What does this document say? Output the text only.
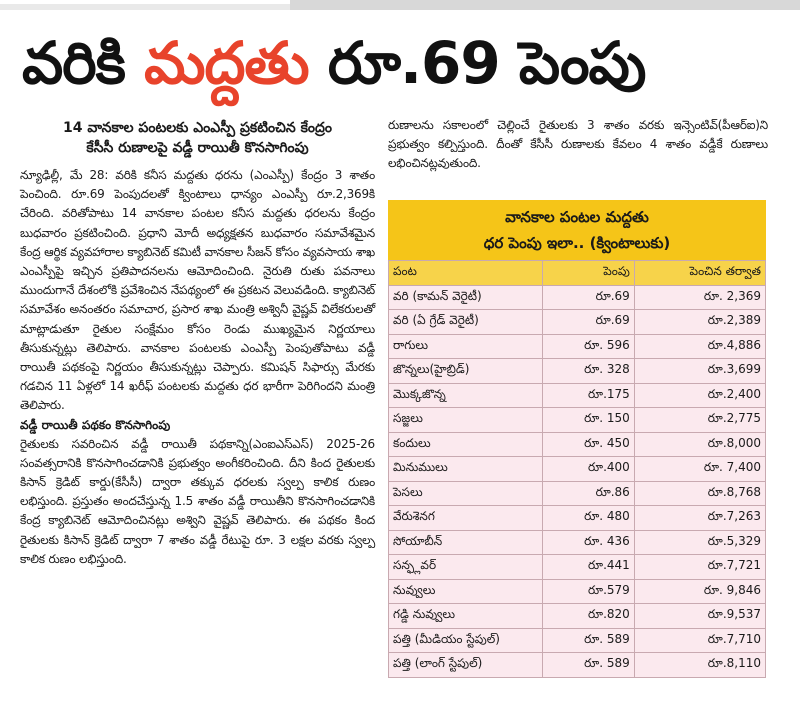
వరికి మద్దతు రూ.69 పెంపు
14 వానకాల పంటలకు ఎంఎస్పీ ప్రకటించిన కేంద్రం
కేసీసీ రుణాలపై వడ్డీ రాయితీ కొనసాగింపు
న్యూఢిల్లీ, మే 28: వరికి కనీస మద్దతు ధరను (ఎంఎస్పీ) కేంద్రం 3 శాతం పెంచింది. రూ.69 పెంపుదలతో క్వింటాలు ధాన్యం ఎంఎస్పీ రూ.2,369కి చేరింది. వరితోపాటు 14 వానకాల పంటల కనీస మద్దతు ధరలను కేంద్రం బుధవారం ప్రకటించింది. ప్రధాని మోదీ అధ్యక్షతన బుధవారం సమావేశమైన కేంద్ర ఆర్థిక వ్యవహారాల క్యాబినెట్ కమిటీ వానకాల సీజన్ కోసం వ్యవసాయ శాఖ ఎంఎస్పీపై ఇచ్చిన ప్రతిపాదనలను ఆమోదించింది. నైరుతి రుతు పవనాలు ముందుగానే దేశంలోకి ప్రవేశించిన నేపథ్యంలో ఈ ప్రకటన వెలువడింది. క్యాబినెట్ సమావేశం అనంతరం సమాచార, ప్రసార శాఖ మంత్రి అశ్వినీ వైష్ణవ్ విలేకరులతో మాట్లాడుతూ రైతుల సంక్షేమం కోసం రెండు ముఖ్యమైన నిర్ణయాలు తీసుకున్నట్లు తెలిపారు. వానకాల పంటలకు ఎంఎస్పీ పెంపుతోపాటు వడ్డీ రాయితీ పథకంపై నిర్ణయం తీసుకున్నట్లు చెప్పారు. కమిషన్ సిఫార్సు మేరకు గడచిన 11 ఏళ్లలో 14 ఖరీఫ్ పంటలకు మద్దతు ధర భారీగా పెరిగిందని మంత్రి తెలిపారు.
వడ్డీ రాయితీ పథకం కొనసాగింపు
రైతులకు సవరించిన వడ్డీ రాయితీ పథకాన్ని(ఎంఐఎస్ఎస్) 2025-26 సంవత్సరానికి కొనసాగించడానికి ప్రభుత్వం అంగీకరించింది. దీని కింద రైతులకు కిసాన్ క్రెడిట్ కార్డు(కేసీసీ) ద్వారా తక్కువ ధరలకు స్వల్ప కాలిక రుణం లభిస్తుంది. ప్రస్తుతం అందచేస్తున్న 1.5 శాతం వడ్డీ రాయితీని కొనసాగించడానికి కేంద్ర క్యాబినెట్ ఆమోదించినట్లు అశ్విని వైష్ణవ్ తెలిపారు. ఈ పథకం కింద రైతులకు కిసాన్ క్రెడిట్ ద్వారా 7 శాతం వడ్డీ రేటుపై రూ. 3 లక్షల వరకు స్వల్ప కాలిక రుణం లభిస్తుంది.
రుణాలను సకాలంలో చెల్లించే రైతులకు 3 శాతం వరకు ఇన్సెంటివ్(పీఆర్ఐ)ని ప్రభుత్వం కల్పిస్తుంది. దీంతో కేసీసీ రుణాలకు కేవలం 4 శాతం వడ్డీకే రుణాలు లభించినట్లవుతుంది.
వానకాల పంటల మద్దతు
ధర పెంపు ఇలా.. (క్వింటాలుకు)
పంట	పెంపు	పెంచిన తర్వాత
వరి (కామన్ వెరైటీ)	రూ.69	రూ. 2,369
వరి (ఏ గ్రేడ్ వెరైటీ)	రూ.69	రూ.2,389
రాగులు	రూ. 596	రూ.4,886
జొన్నలు(హైబ్రిడ్)	రూ. 328	రూ.3,699
మొక్కజొన్న	రూ.175	రూ.2,400
సజ్జలు	రూ. 150	రూ.2,775
కందులు	రూ. 450	రూ.8,000
మినుములు	రూ.400	రూ. 7,400
పెసలు	రూ.86	రూ.8,768
వేరుశెనగ	రూ. 480	రూ.7,263
సోయాబీన్	రూ. 436	రూ.5,329
సన్ఫ్లవర్	రూ.441	రూ.7,721
నువ్వులు	రూ.579	రూ. 9,846
గడ్డి నువ్వులు	రూ.820	రూ.9,537
పత్తి (మీడియం స్టేపుల్)	రూ. 589	రూ.7,710
పత్తి (లాంగ్ స్టేపుల్)	రూ. 589	రూ.8,110
